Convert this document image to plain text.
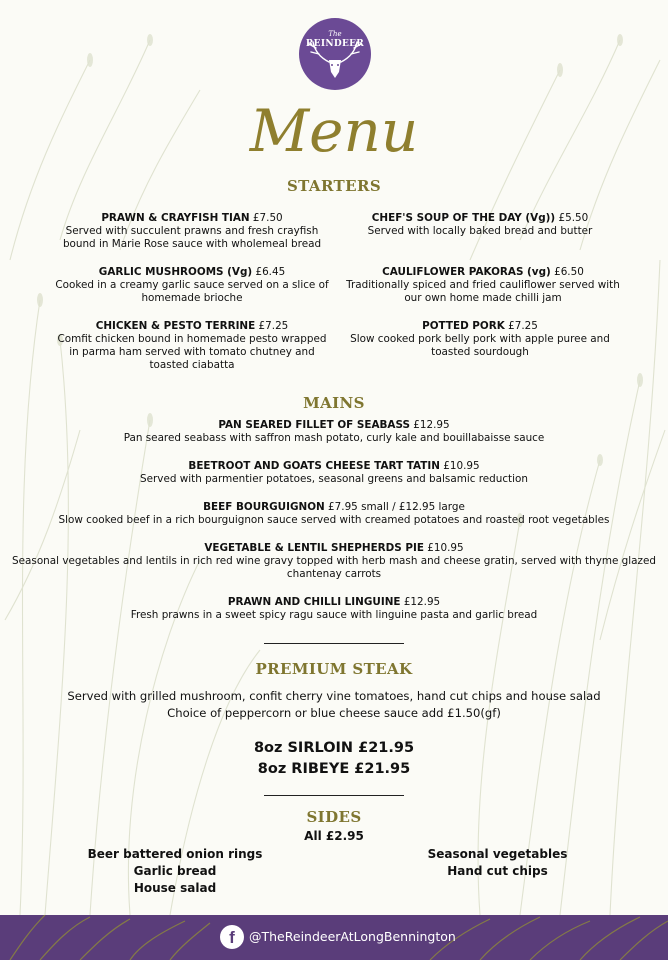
The
REINDEER
Menu
STARTERS
PRAWN & CRAYFISH TIAN £7.50
Served with succulent prawns and fresh crayfish bound in Marie Rose sauce with wholemeal bread
CHEF'S SOUP OF THE DAY (Vg)) £5.50
Served with locally baked bread and butter
GARLIC MUSHROOMS (Vg) £6.45
Cooked in a creamy garlic sauce served on a slice of homemade brioche
CAULIFLOWER PAKORAS (vg) £6.50
Traditionally spiced and fried cauliflower served with our own home made chilli jam
CHICKEN & PESTO TERRINE £7.25
Comfit chicken bound in homemade pesto wrapped in parma ham served with tomato chutney and toasted ciabatta
POTTED PORK £7.25
Slow cooked pork belly pork with apple puree and toasted sourdough
MAINS
PAN SEARED FILLET OF SEABASS £12.95
Pan seared seabass with saffron mash potato, curly kale and bouillabaisse sauce
BEETROOT AND GOATS CHEESE TART TATIN £10.95
Served with parmentier potatoes, seasonal greens and balsamic reduction
BEEF BOURGUIGNON £7.95 small / £12.95 large
Slow cooked beef in a rich bourguignon sauce served with creamed potatoes and roasted root vegetables
VEGETABLE & LENTIL SHEPHERDS PIE £10.95
Seasonal vegetables and lentils in rich red wine gravy topped with herb mash and cheese gratin, served with thyme glazed chantenay carrots
PRAWN AND CHILLI LINGUINE £12.95
Fresh prawns in a sweet spicy ragu sauce with linguine pasta and garlic bread
PREMIUM STEAK
Served with grilled mushroom, confit cherry vine tomatoes, hand cut chips and house salad
Choice of peppercorn or blue cheese sauce add £1.50(gf)
8oz SIRLOIN £21.95
8oz RIBEYE £21.95
SIDES
All £2.95
Beer battered onion rings
Garlic bread
House salad
Seasonal vegetables
Hand cut chips
f	@TheReindeerAtLongBennington
